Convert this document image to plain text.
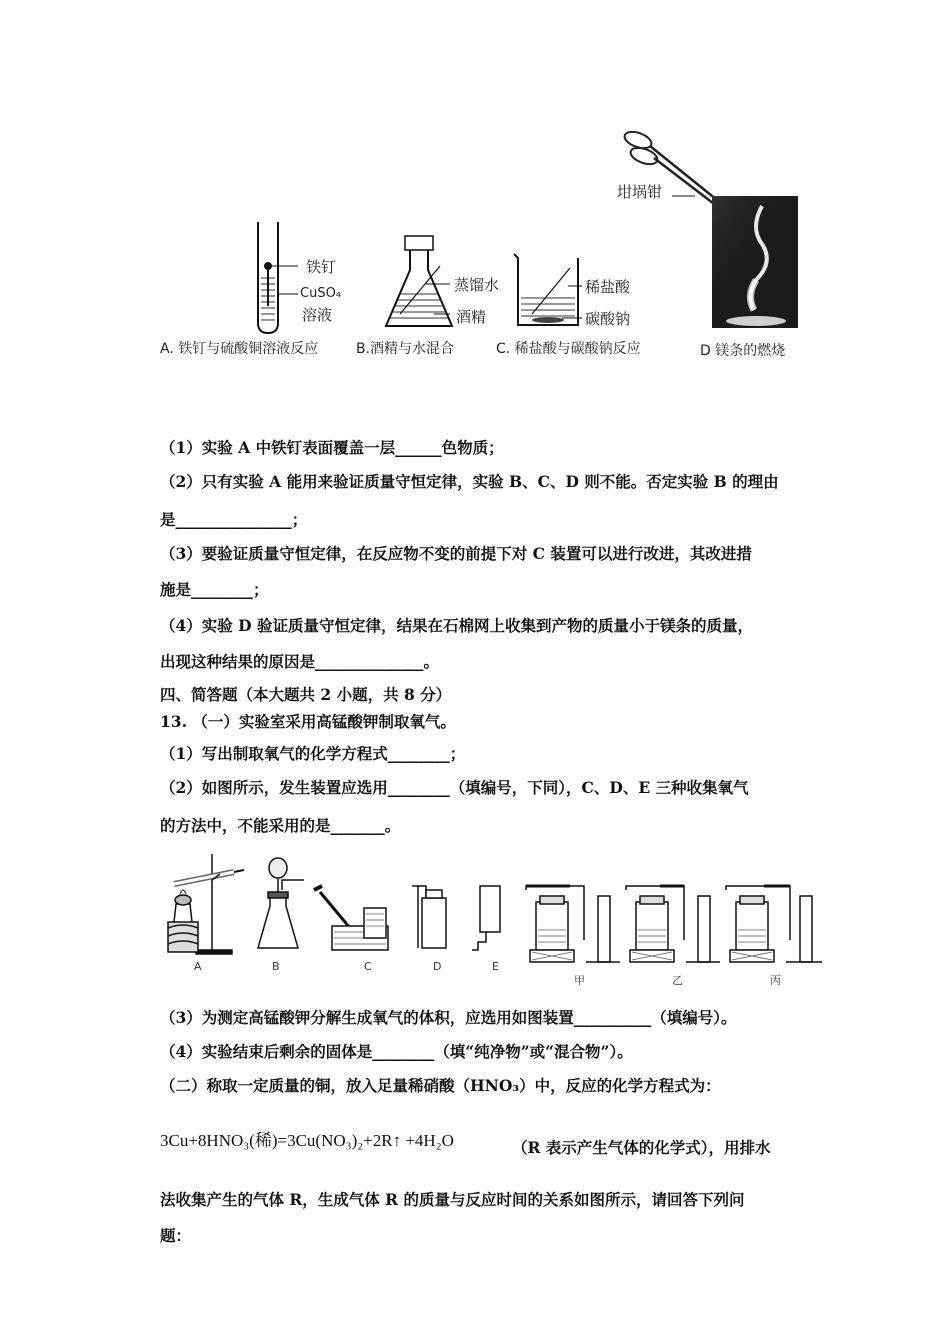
坩埚钳
铁钉
CuSO₄
溶液
蒸馏水
酒精
稀盐酸
碳酸钠
A. 铁钉与硫酸铜溶液反应	B.酒精与水混合	C. 稀盐酸与碳酸钠反应	D 镁条的燃烧
（1）实验 A 中铁钉表面覆盖一层______色物质；
（2）只有实验 A 能用来验证质量守恒定律，实验 B、C、D 则不能。否定实验 B 的理由
是_______________；
（3）要验证质量守恒定律，在反应物不变的前提下对 C 装置可以进行改进，其改进措
施是________；
（4）实验 D 验证质量守恒定律，结果在石棉网上收集到产物的质量小于镁条的质量，
出现这种结果的原因是______________。
四、简答题（本大题共 2 小题，共 8 分）
13. （一）实验室采用高锰酸钾制取氧气。
（1）写出制取氧气的化学方程式________；
（2）如图所示，发生装置应选用________（填编号，下同），C、D、E 三种收集氧气
的方法中，不能采用的是_______。
A	B	C	D	E
甲	乙	丙
（3）为测定高锰酸钾分解生成氧气的体积，应选用如图装置__________（填编号）。
（4）实验结束后剩余的固体是________（填“纯净物”或“混合物”）。
（二）称取一定质量的铜，放入足量稀硝酸（HNO₃）中，反应的化学方程式为：
3Cu+8HNO₃(稀)=3Cu(NO₃)₂+2R↑ +4H₂O	（R 表示产生气体的化学式），用排水
法收集产生的气体 R，生成气体 R 的质量与反应时间的关系如图所示，请回答下列问
题：
